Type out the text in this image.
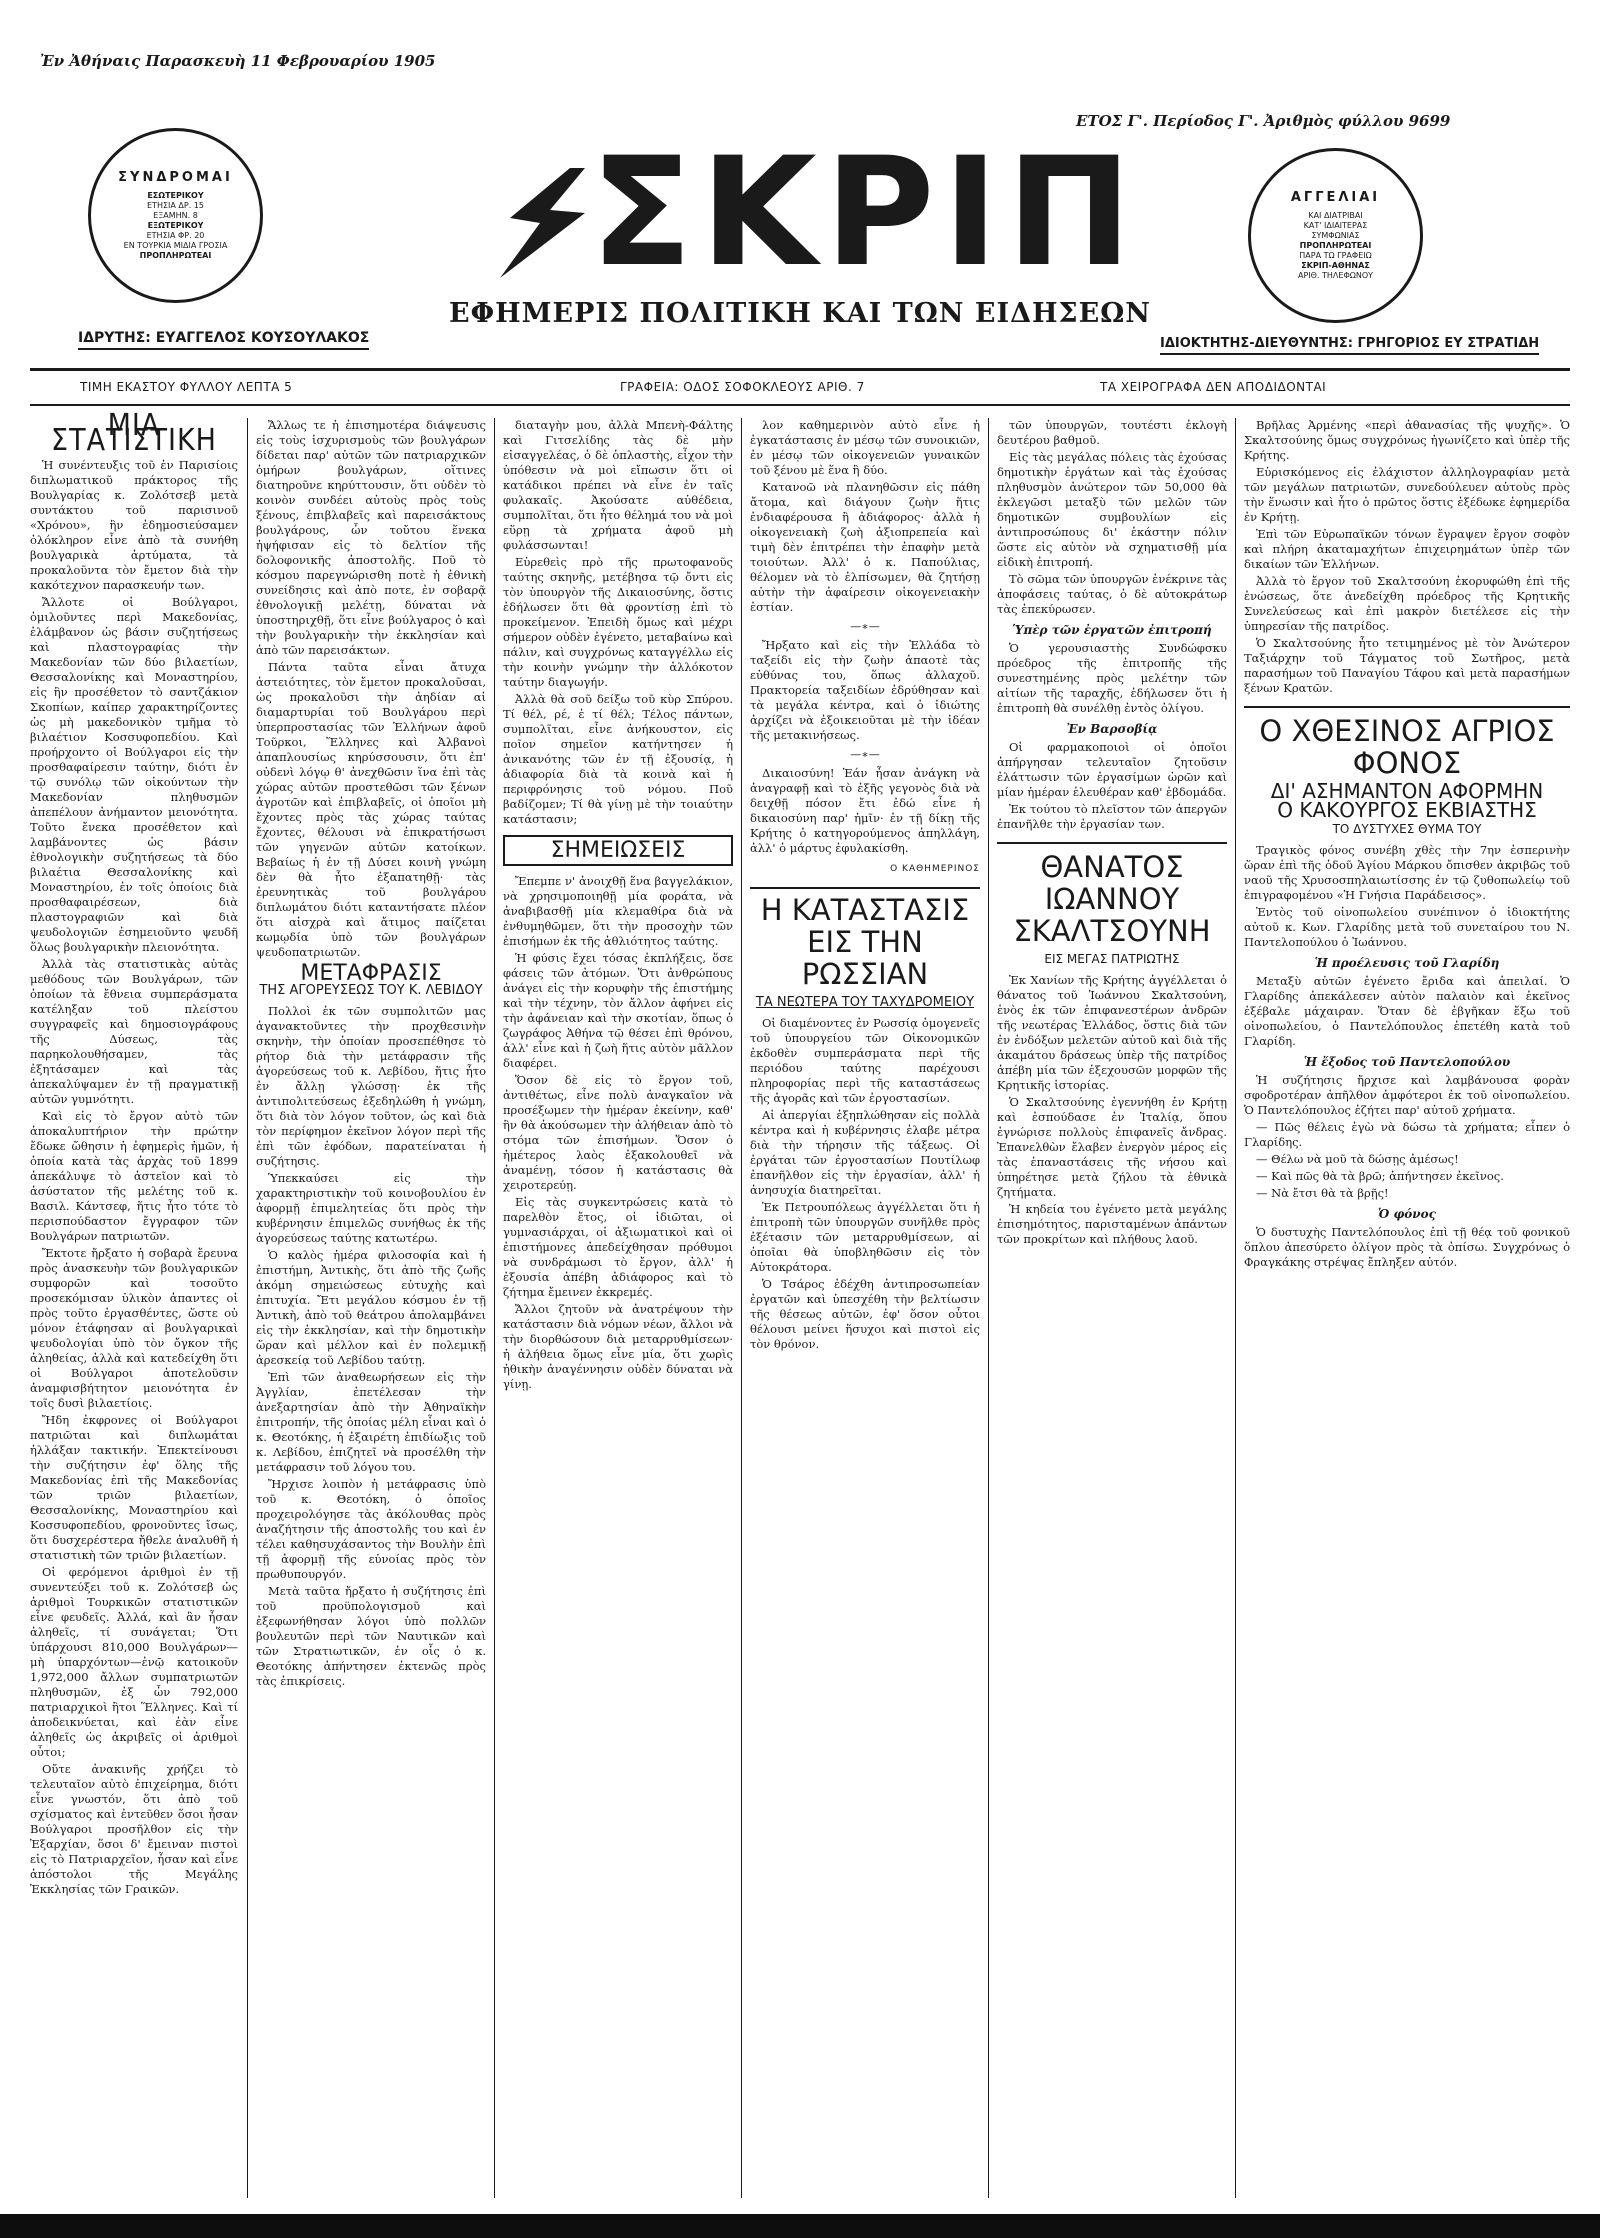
Ἐν Ἀθήναις Παρασκευὴ 11 Φεβρουαρίου 1905
ΕΤΟΣ Γ'. Περίοδος Γ'. Ἀριθμὸς φύλλου 9699
ΣΥΝΔΡΟΜΑΙ
ΕΣΩΤΕΡΙΚΟΥ
ΕΤΗΣΙΑ ΔΡ. 15
ΕΞΑΜΗΝ. 8
ΕΞΩΤΕΡΙΚΟΥ
ΕΤΗΣΙΑ ΦΡ. 20
ΕΝ ΤΟΥΡΚΙΑ ΜΙΔΙΑ ΓΡΟΣΙΑ
ΠΡΟΠΛΗΡΩΤΕΑΙ
ΙΔΡΥΤΗΣ: ΕΥΑΓΓΕΛΟΣ ΚΟΥΣΟΥΛΑΚΟΣ
ΣΚΡΙΠ
ΕΦΗΜΕΡΙΣ ΠΟΛΙΤΙΚΗ ΚΑΙ ΤΩΝ ΕΙΔΗΣΕΩΝ
ΑΓΓΕΛΙΑΙ
ΚΑΙ ΔΙΑΤΡΙΒΑΙ
ΚΑΤ' ΙΔΙΑΙΤΕΡΑΣ
ΣΥΜΦΩΝΙΑΣ
ΠΡΟΠΛΗΡΩΤΕΑΙ
ΠΑΡΑ ΤΩ ΓΡΑΦΕΙΩ
ΣΚΡΙΠ-ΑΘΗΝΑΣ
ΑΡΙΘ. ΤΗΛΕΦΩΝΟΥ
ΙΔΙΟΚΤΗΤΗΣ-ΔΙΕΥΘΥΝΤΗΣ: ΓΡΗΓΟΡΙΟΣ ΕΥ ΣΤΡΑΤΙΔΗ
ΤΙΜΗ ΕΚΑΣΤΟΥ ΦΥΛΛΟΥ ΛΕΠΤΑ 5	ΓΡΑΦΕΙΑ: ΟΔΟΣ ΣΟΦΟΚΛΕΟΥΣ ΑΡΙΘ. 7	ΤΑ ΧΕΙΡΟΓΡΑΦΑ ΔΕΝ ΑΠΟΔΙΔΟΝΤΑΙ
ΜΙΑ ΣΤΑΤΙΣΤΙΚΗ

Ἡ συνέντευξις τοῦ ἐν Παρισίοις διπλωματικοῦ πράκτορος τῆς Βουλγαρίας κ. Ζολότσεβ μετὰ συντάκτου τοῦ παρισινοῦ «Χρόνου», ἣν ἐδημοσιεύσαμεν ὁλόκληρον εἶνε ἀπὸ τὰ συνήθη βουλγαρικὰ ἀρτύματα, τὰ προκαλοῦντα τὸν ἔμετον διὰ τὴν κακότεχνον παρασκευήν των.

Ἄλλοτε οἱ Βούλγαροι, ὁμιλοῦντες περὶ Μακεδονίας, ἐλάμβανον ὡς βάσιν συζητήσεως καὶ πλαστογραφίας τὴν Μακεδονίαν τῶν δύο βιλαετίων, Θεσσαλονίκης καὶ Μοναστηρίου, εἰς ἣν προσέθετον τὸ σαντζάκιον Σκοπίων, καίπερ χαρακτηρίζοντες ὡς μὴ μακεδονικὸν τμῆμα τὸ βιλαέτιον Κοσσυφοπεδίου. Καὶ προήρχοντο οἱ Βούλγαροι εἰς τὴν προσθαφαίρεσιν ταύτην, διότι ἐν τῷ συνόλῳ τῶν οἰκούντων τὴν Μακεδονίαν πληθυσμῶν ἀπεπέλουν ἀνήμαντον μειονότητα. Τοῦτο ἔνεκα προσέθετον καὶ λαμβάνοντες ὡς βάσιν ἐθνολογικὴν συζητήσεως τὰ δύο βιλαέτια Θεσσαλονίκης καὶ Μοναστηρίου, ἐν τοῖς ὁποίοις διὰ προσθαφαιρέσεων, διὰ πλαστογραφιῶν καὶ διὰ ψευδολογιῶν ἐσημειοῦντο ψευδῆ ὅλως βουλγαρικὴν πλειονότητα.

Ἀλλὰ τὰς στατιστικὰς αὐτὰς μεθόδους τῶν Βουλγάρων, τῶν ὁποίων τὰ ἔθνεια συμπεράσματα κατέληξαν τοῦ πλείστου συγγραφεῖς καὶ δημοσιογράφους τῆς Δύσεως, τὰς παρηκολουθήσαμεν, τὰς ἐξητάσαμεν καὶ τὰς ἀπεκαλύψαμεν ἐν τῇ πραγματικῇ αὐτῶν γυμνότητι.

Καὶ εἰς τὸ ἔργον αὐτὸ τῶν ἀποκαλυπτήριον τὴν πρώτην ἔδωκε ὤθησιν ἡ ἐφημερὶς ἡμῶν, ἡ ὁποία κατὰ τὰς ἀρχὰς τοῦ 1899 ἀπεκάλυψε τὸ ἀστεῖον καὶ τὸ ἀσύστατον τῆς μελέτης τοῦ κ. Βασιλ. Κάντσεφ, ἥτις ἦτο τότε τὸ περισπούδαστον ἔγγραφον τῶν Βουλγάρων πατριωτῶν.

Ἔκτοτε ἤρξατο ἡ σοβαρὰ ἔρευνα πρὸς ἀνασκευὴν τῶν βουλγαρικῶν συμφορῶν καὶ τοσοῦτο προσεκόμισαν ὑλικὸν ἀπαντες οἱ πρὸς τοῦτο ἐργασθέντες, ὥστε οὐ μόνον ἐτάφησαν αἱ βουλγαρικαὶ ψευδολογίαι ὑπὸ τὸν ὄγκον τῆς ἀληθείας, ἀλλὰ καὶ κατεδείχθη ὅτι οἱ Βούλγαροι ἀποτελοῦσιν ἀναμφισβήτητον μειονότητα ἐν τοῖς δυσὶ βιλαετίοις.

Ἤδη ἐκφρονες οἱ Βούλγαροι πατριῶται καὶ διπλωμάται ἠλλάξαν τακτικήν. Ἐπεκτείνουσι τὴν συζήτησιν ἐφ' ὅλης τῆς Μακεδονίας ἐπὶ τῆς Μακεδονίας τῶν τριῶν βιλαετίων, Θεσσαλονίκης, Μοναστηρίου καὶ Κοσσυφοπεδίου, φρονοῦντες ἴσως, ὅτι δυσχερέστερα ἤθελε ἀναλυθῆ ἡ στατιστικὴ τῶν τριῶν βιλαετίων.

Οἱ φερόμενοι ἀριθμοὶ ἐν τῇ συνεντεύξει τοῦ κ. Ζολότσεβ ὡς ἀριθμοὶ Τουρκικῶν στατιστικῶν εἶνε φευδεῖς. Ἀλλά, καὶ ἂν ἦσαν ἀληθεῖς, τί συνάγεται; Ὅτι ὑπάρχουσι 810,000 Βουλγάρων—μὴ ὑπαρχόντων—ἐνῷ κατοικοῦν 1,972,000 ἄλλων συμπατριωτῶν πληθυσμῶν, ἐξ ὧν 792,000 πατριαρχικοὶ ἢτοι Ἕλληνες. Καὶ τί ἀποδεικνύεται, καὶ ἐὰν εἶνε ἀληθεῖς ὡς ἀκριβεῖς οἱ ἀριθμοὶ οὗτοι;

Οὔτε ἀνακινῆς χρήζει τὸ τελευταῖον αὐτὸ ἐπιχείρημα, διότι εἶνε γνωστόν, ὅτι ἀπὸ τοῦ σχίσματος καὶ ἐντεῦθεν ὅσοι ἦσαν Βούλγαροι προσῆλθον εἰς τὴν Ἐξαρχίαν, ὅσοι δ' ἔμειναν πιστοὶ εἰς τὸ Πατριαρχεῖον, ἦσαν καὶ εἶνε ἀπόστολοι τῆς Μεγάλης Ἐκκλησίας τῶν Γραικῶν.

Ἄλλως τε ἡ ἐπισημοτέρα διάψευσις εἰς τοὺς ἰσχυρισμοὺς τῶν βουλγάρων δίδεται παρ' αὐτῶν τῶν πατριαρχικῶν ὁμήρων βουλγάρων, οἵτινες διατηροῦνε κηρύττουσιν, ὅτι οὐδὲν τὸ κοινὸν συνδέει αὐτοὺς πρὸς τοὺς ξένους, ἐπιβλαβεῖς καὶ παρεισάκτους βουλγάρους, ὧν τοὔτου ἕνεκα ἠψήφισαν εἰς τὸ δελτίον τῆς δολοφονικῆς ἀποστολῆς. Ποῦ τὸ κόσμου παρεγνώρισθη ποτὲ ἡ ἐθνικὴ συνείδησις καὶ ἀπὸ ποτε, ἐν σοβαρᾷ ἐθνολογικῇ μελέτῃ, δύναται νὰ ὑποστηριχθῇ, ὅτι εἶνε βούλγαρος ὁ καὶ τὴν βουλγαρικὴν τὴν ἐκκλησίαν καὶ ἀπὸ τῶν παρεισάκτων.

Πάντα ταῦτα εἶναι ἄτυχα ἀστειότητες, τὸν ἔμετον προκαλοῦσαι, ὡς προκαλοῦσι τὴν ἀηδίαν αἱ διαμαρτυρίαι τοῦ Βουλγάρου περὶ ὑπερπροστασίας τῶν Ἑλλήνων ἀφοῦ Τοῦρκοι, Ἕλληνες καὶ Ἀλβανοὶ ἀπαπλουσίως κηρύσσουσιν, ὅτι ἐπ' οὐδενὶ λόγῳ θ' ἀνεχθῶσιν ἵνα ἐπὶ τὰς χώρας αὐτῶν προστεθῶσι τῶν ξένων ἀγροτῶν καὶ ἐπιβλαβεῖς, οἱ ὁποῖοι μὴ ἔχοντες πρὸς τὰς χώρας ταύτας ἔχοντες, θέλουσι νὰ ἐπικρατήσωσι τῶν γηγενῶν αὐτῶν κατοίκων. Βεβαίως ἡ ἐν τῇ Δύσει κοινὴ γνώμη δὲν θὰ ἦτο ἐξαπατηθῇ· τὰς ἐρευνητικὰς τοῦ βουλγάρου διπλωμάτου διότι καταντήσατε πλέον ὅτι αἰσχρὰ καὶ ἄτιμος παίζεται κωμῳδία ὑπὸ τῶν βουλγάρων ψευδοπατριωτῶν.

ΜΕΤΑΦΡΑΣΙΣ
ΤΗΣ ΑΓΟΡΕΥΣΕΩΣ ΤΟΥ Κ. ΛΕΒΙΔΟΥ

Πολλοὶ ἐκ τῶν συμπολιτῶν μας ἀγανακτοῦντες τὴν προχθεσινὴν σκηνὴν, τὴν ὁποίαν προσεπέθησε τὸ ρήτορ διὰ τὴν μετάφρασιν τῆς ἀγορεύσεως τοῦ κ. Λεβίδου, ἥτις ἦτο ἐν ἄλλῃ γλώσσῃ· ἐκ τῆς ἀντιπολιτεύσεως ἐξεδηλώθη ἡ γνώμη, ὅτι διὰ τὸν λόγον τοῦτον, ὡς καὶ διὰ τὸν περίφημον ἐκεῖνον λόγον περὶ τῆς ἐπὶ τῶν ἐφόδων, παρατείναται ἡ συζήτησις.

Ὑπεκκαύσει εἰς τὴν χαρακτηριστικὴν τοῦ κοινοβουλίου ἐν ἀφορμῇ ἐπιμελητείας ὅτι πρὸς τὴν κυβέρνησιν ἐπιμελῶς συνήθως ἐκ τῆς ἀγορεύσεως ταύτης κατωτέρω.

Ὁ καλὸς ἡμέρα φιλοσοφία καὶ ἡ ἐπιστήμη, Ἀντικὴς, ὅτι ἀπὸ τῆς ζωῆς ἀκόμη σημειώσεως εὐτυχὴς καὶ ἐπιτυχία. Ἔτι μεγάλου κόσμου ἐν τῇ Ἀντικὴ, ἀπὸ τοῦ θεάτρου ἀπολαμβάνει εἰς τὴν ἐκκλησίαν, καὶ τὴν δημοτικὴν ὥραν καὶ μέλλον καὶ ἐν πολεμικῇ ἀρεσκείᾳ τοῦ Λεβίδου ταύτῃ.

Ἐπὶ τῶν ἀναθεωρήσεων εἰς τὴν Ἀγγλίαν, ἐπετέλεσαν τὴν ἀνεξαρτησίαν ἀπὸ τὴν Ἀθηναϊκὴν ἐπιτροπήν, τῆς ὁποίας μέλη εἶναι καὶ ὁ κ. Θεοτόκης, ἡ ἐξαιρέτη ἐπιδίωξις τοῦ κ. Λεβίδου, ἐπιζητεῖ νὰ προσέλθη τὴν μετάφρασιν τοῦ λόγου του.

Ἤρχισε λοιπὸν ἡ μετάφρασις ὑπὸ τοῦ κ. Θεοτόκη, ὁ ὁποῖος προχειρολόγησε τὰς ἀκόλουθας πρὸς ἀναζήτησιν τῆς ἀποστολῆς του καὶ ἐν τέλει καθησυχάσαντος τὴν Βουλὴν ἐπὶ τῇ ἀφορμῇ τῆς εὐνοίας πρὸς τὸν πρωθυπουργόν.

Μετὰ ταῦτα ἤρξατο ἡ συζήτησις ἐπὶ τοῦ προϋπολογισμοῦ καὶ ἐξεφωνήθησαν λόγοι ὑπὸ πολλῶν βουλευτῶν περὶ τῶν Ναυτικῶν καὶ τῶν Στρατιωτικῶν, ἐν οἷς ὁ κ. Θεοτόκης ἀπήντησεν ἐκτενῶς πρὸς τὰς ἐπικρίσεις.

διαταγὴν μου, ἀλλὰ Μπενὴ-Φάλτης καὶ Γιτσελίδης τὰς δὲ μὴν εἰσαγγελέας, ὁ δὲ ὁπλαστὴς, εἶχον τὴν ὑπόθεσιν νὰ μοὶ εἴπωσιν ὅτι οἱ κατάδικοι πρέπει νὰ εἶνε ἐν ταῖς φυλακαῖς. Ἀκούσατε αὐθέδεια, συμπολῖται, ὅτι ἦτο θέλημά του νὰ μοὶ εὕρῃ τὰ χρήματα ἀφοῦ μὴ φυλάσσωνται!

Εὑρεθεὶς πρὸ τῆς πρωτοφανοῦς ταύτης σκηνῆς, μετέβησα τῷ ὄντι εἰς τὸν ὑπουργὸν τῆς Δικαιοσύνης, ὅστις ἐδήλωσεν ὅτι θὰ φροντίσῃ ἐπὶ τὸ προκείμενον. Ἐπειδὴ ὅμως καὶ μέχρι σήμερον οὐδὲν ἐγένετο, μεταβαίνω καὶ πάλιν, καὶ συγχρόνως καταγγέλλω εἰς τὴν κοινὴν γνώμην τὴν ἀλλόκοτον ταύτην διαγωγήν.

Ἀλλὰ θὰ σοῦ δείξω τοῦ κὺρ Σπύρου. Τί θέλ, ρέ, ἐ τί θέλ; Τέλος πάντων, συμπολῖται, εἶνε ἀνήκουστον, εἰς ποῖον σημεῖον κατήντησεν ἡ ἀνικανότης τῶν ἐν τῇ ἐξουσίᾳ, ἡ ἀδιαφορία διὰ τὰ κοινὰ καὶ ἡ περιφρόνησις τοῦ νόμου. Ποῦ βαδίζομεν; Τί θὰ γίνῃ μὲ τὴν τοιαύτην κατάστασιν;

ΣΗΜΕΙΩΣΕΙΣ

Ἔπεμπε ν' ἀνοιχθῇ ἕνα βαγγελάκιον, νὰ χρησιμοποιηθῇ μία φοράτα, νὰ ἀναβιβασθῇ μία κλεμαθίρα διὰ νὰ ἐνθυμηθῶμεν, ὅτι τὴν προσοχὴν τῶν ἐπισήμων ἐκ τῆς ἀθλιότητος ταύτης.

Ἡ φύσις ἔχει τόσας ἐκπλήξεις, ὅσε φάσεις τῶν ἀτόμων. Ὅτι ἀνθρώπους ἀνάγει εἰς τὴν κορυφὴν τῆς ἐπιστήμης καὶ τὴν τέχνην, τὸν ἄλλον ἀφήνει εἰς τὴν ἀφάνειαν καὶ τὴν σκοτίαν, ὅπως ὁ ζωγράφος Ἀθήνα τῷ θέσει ἐπὶ θρόνου, ἀλλ' εἶνε καὶ ἡ ζωὴ ἥτις αὐτὸν μᾶλλον διαφέρει.

Ὅσον δὲ εἰς τὸ ἔργον τοῦ, ἀντιθέτως, εἶνε πολὺ ἀναγκαῖον νὰ προσέξωμεν τὴν ἡμέραν ἐκείνην, καθ' ἣν θὰ ἀκούσωμεν τὴν ἀλήθειαν ἀπὸ τὸ στόμα τῶν ἐπισήμων. Ὅσον ὁ ἡμέτερος λαὸς ἐξακολουθεῖ νὰ ἀναμένῃ, τόσον ἡ κατάστασις θὰ χειροτερεύῃ.

Εἰς τὰς συγκεντρώσεις κατὰ τὸ παρελθὸν ἔτος, οἱ ἰδιῶται, οἱ γυμνασιάρχαι, οἱ ἀξιωματικοὶ καὶ οἱ ἐπιστήμονες ἀπεδείχθησαν πρόθυμοι νὰ συνδράμωσι τὸ ἔργον, ἀλλ' ἡ ἐξουσία ἀπέβη ἀδιάφορος καὶ τὸ ζήτημα ἔμεινεν ἐκκρεμές.

Ἄλλοι ζητοῦν νὰ ἀνατρέψουν τὴν κατάστασιν διὰ νόμων νέων, ἄλλοι νὰ τὴν διορθώσουν διὰ μεταρρυθμίσεων· ἡ ἀλήθεια ὅμως εἶνε μία, ὅτι χωρὶς ἠθικὴν ἀναγέννησιν οὐδὲν δύναται νὰ γίνῃ.

λον καθημερινὸν αὐτὸ εἶνε ἡ ἐγκατάστασις ἐν μέσῳ τῶν συνοικιῶν, ἐν μέσῳ τῶν οἰκογενειῶν γυναικῶν τοῦ ξένου μὲ ἕνα ἢ δύο.

Κατανοῶ νὰ πλανηθῶσιν εἰς πάθη ἄτομα, καὶ διάγουν ζωὴν ἥτις ἐνδιαφέρουσα ἢ ἀδιάφορος· ἀλλὰ ἡ οἰκογενειακὴ ζωὴ ἀξιοπρεπεία καὶ τιμὴ δὲν ἐπιτρέπει τὴν ἐπαφὴν μετὰ τοιούτων. Ἀλλ' ὁ κ. Παπούλιας, θέλομεν νὰ τὸ ἐλπίσωμεν, θὰ ζητήσῃ αὐτὴν τὴν ἀφαίρεσιν οἰκογενειακὴν ἑστίαν.

—∗—

Ἤρξατο καὶ εἰς τὴν Ἑλλάδα τὸ ταξείδι εἰς τὴν ζωὴν ἀπαοτὲ τὰς εὐθύνας του, ὅπως ἀλλαχοῦ. Πρακτορεία ταξειδίων ἐδρύθησαν καὶ τὰ μεγάλα κέντρα, καὶ ὁ ἰδιώτης ἀρχίζει νὰ ἐξοικειοῦται μὲ τὴν ἰδέαν τῆς μετακινήσεως.

—∗—

Δικαιοσύνη! Ἐάν ἦσαν ἀνάγκη νὰ ἀναγραφῇ καὶ τὸ ἐξῆς γεγονὸς διὰ νὰ δειχθῇ πόσον ἔτι ἐδώ εἶνε ἡ δικαιοσύνη παρ' ἡμῖν· ἐν τῇ δίκῃ τῆς Κρήτης ὁ κατηγορούμενος ἀπηλλάγη, ἀλλ' ὁ μάρτυς ἐφυλακίσθη.

Ο ΚΑΘΗΜΕΡΙΝΟΣ
Η ΚΑΤΑΣΤΑΣΙΣ ΕΙΣ ΤΗΝ ΡΩΣΣΙΑΝ
ΤΑ ΝΕΩΤΕΡΑ ΤΟΥ ΤΑΧΥΔΡΟΜΕΙΟΥ

Οἱ διαμένοντες ἐν Ρωσσίᾳ ὁμογενεῖς τοῦ ὑπουργείου τῶν Οἰκονομικῶν ἐκδοθὲν συμπεράσματα περὶ τῆς περιόδου ταύτης παρέχουσι πληροφορίας περὶ τῆς καταστάσεως τῆς ἀγορᾶς καὶ τῶν ἐργοστασίων.

Αἱ ἀπεργίαι ἐξηπλώθησαν εἰς πολλὰ κέντρα καὶ ἡ κυβέρνησις ἐλαβε μέτρα διὰ τὴν τήρησιν τῆς τάξεως. Οἱ ἐργάται τῶν ἐργοστασίων Πουτίλωφ ἐπανῆλθον εἰς τὴν ἐργασίαν, ἀλλ' ἡ ἀνησυχία διατηρεῖται.

Ἐκ Πετρουπόλεως ἀγγέλλεται ὅτι ἡ ἐπιτροπὴ τῶν ὑπουργῶν συνῆλθε πρὸς ἐξέτασιν τῶν μεταρρυθμίσεων, αἱ ὁποῖαι θὰ ὑποβληθῶσιν εἰς τὸν Αὐτοκράτορα.

Ὁ Τσάρος ἐδέχθη ἀντιπροσωπείαν ἐργατῶν καὶ ὑπεσχέθη τὴν βελτίωσιν τῆς θέσεως αὐτῶν, ἐφ' ὅσον οὗτοι θέλουσι μείνει ἥσυχοι καὶ πιστοὶ εἰς τὸν θρόνον.

τῶν ὑπουργῶν, τουτέστι ἐκλογὴ δευτέρου βαθμοῦ.

Εἰς τὰς μεγάλας πόλεις τὰς ἐχούσας δημοτικὴν ἐργάτων καὶ τὰς ἐχούσας πληθυσμὸν ἀνώτερον τῶν 50,000 θὰ ἐκλεγῶσι μεταξὺ τῶν μελῶν τῶν δημοτικῶν συμβουλίων εἰς ἀντιπροσώπους δι' ἑκάστην πόλιν ὥστε εἰς αὐτὸν νὰ σχηματισθῇ μία εἰδικὴ ἐπιτροπή.

Τὸ σῶμα τῶν ὑπουργῶν ἐνέκρινε τὰς ἀποφάσεις ταύτας, ὁ δὲ αὐτοκράτωρ τὰς ἐπεκύρωσεν.

Ὑπὲρ τῶν ἐργατῶν ἐπιτροπή

Ὁ γερουσιαστὴς Συνδώφσκυ πρόεδρος τῆς ἐπιτροπῆς τῆς συνεστημένης πρὸς μελέτην τῶν αἰτίων τῆς ταραχῆς, ἐδήλωσεν ὅτι ἡ ἐπιτροπὴ θὰ συνέλθῃ ἐντὸς ὀλίγου.

Ἐν Βαρσοβίᾳ

Οἱ φαρμακοποιοὶ οἱ ὁποῖοι ἀπήργησαν τελευταῖον ζητοῦσιν ἐλάττωσιν τῶν ἐργασίμων ὡρῶν καὶ μίαν ἡμέραν ἑλευθέραν καθ' ἑβδομάδα.

Ἐκ τούτου τὸ πλεῖστον τῶν ἀπεργῶν ἐπανῆλθε τὴν ἐργασίαν των.

ΘΑΝΑΤΟΣ ΙΩΑΝΝΟΥ ΣΚΑΛΤΣΟΥΝΗ
ΕΙΣ ΜΕΓΑΣ ΠΑΤΡΙΩΤΗΣ

Ἐκ Χανίων τῆς Κρήτης ἀγγέλλεται ὁ θάνατος τοῦ Ἰωάννου Σκαλτσούνη, ἑνὸς ἐκ τῶν ἐπιφανεστέρων ἀνδρῶν τῆς νεωτέρας Ἑλλάδος, ὅστις διὰ τῶν ἐν ἑνδόξων μελετῶν αὐτοῦ καὶ διὰ τῆς ἀκαμάτου δράσεως ὑπὲρ τῆς πατρίδος ἀπέβη μία τῶν ἐξεχουσῶν μορφῶν τῆς Κρητικῆς ἱστορίας.

Ὁ Σκαλτσούνης ἐγεννήθη ἐν Κρήτῃ καὶ ἐσπούδασε ἐν Ἰταλίᾳ, ὅπου ἐγνώρισε πολλοὺς ἐπιφανεῖς ἄνδρας. Ἐπανελθὼν ἔλαβεν ἐνεργὸν μέρος εἰς τὰς ἐπαναστάσεις τῆς νήσου καὶ ὑπηρέτησε μετὰ ζήλου τὰ ἐθνικὰ ζητήματα.

Ἡ κηδεία του ἐγένετο μετὰ μεγάλης ἐπισημότητος, παρισταμένων ἁπάντων τῶν προκρίτων καὶ πλήθους λαοῦ.

Βρῆλας Ἀρμένης «περὶ ἀθανασίας τῆς ψυχῆς». Ὁ Σκαλτσούνης ὅμως συγχρόνως ἠγωνίζετο καὶ ὑπὲρ τῆς Κρήτης.

Εὑρισκόμενος εἰς ἐλάχιστον ἀλληλογραφίαν μετὰ τῶν μεγάλων πατριωτῶν, συνεδούλευεν αὐτοὺς πρὸς τὴν ἕνωσιν καὶ ἦτο ὁ πρῶτος ὅστις ἐξέδωκε ἐφημερίδα ἐν Κρήτῃ.

Ἐπὶ τῶν Εὐρωπαϊκῶν τόνων ἔγραψεν ἔργον σοφὸν καὶ πλήρη ἀκαταμαχήτων ἐπιχειρημάτων ὑπὲρ τῶν δικαίων τῶν Ἑλλήνων.

Ἀλλὰ τὸ ἔργον τοῦ Σκαλτσούνη ἐκορυφώθη ἐπὶ τῆς ἑνώσεως, ὅτε ἀνεδείχθη πρόεδρος τῆς Κρητικῆς Συνελεύσεως καὶ ἐπὶ μακρὸν διετέλεσε εἰς τὴν ὑπηρεσίαν τῆς πατρίδος.

Ὁ Σκαλτσούνης ἦτο τετιμημένος μὲ τὸν Ἀνώτερον Ταξιάρχην τοῦ Τάγματος τοῦ Σωτῆρος, μετὰ παρασήμων τοῦ Παναγίου Τάφου καὶ μετὰ παρασήμων ξένων Κρατῶν.

Ο ΧΘΕΣΙΝΟΣ ΑΓΡΙΟΣ ΦΟΝΟΣ
ΔΙ' ΑΣΗΜΑΝΤΟΝ ΑΦΟΡΜΗΝ
Ο ΚΑΚΟΥΡΓΟΣ ΕΚΒΙΑΣΤΗΣ
ΤΟ ΔΥΣΤΥΧΕΣ ΘΥΜΑ ΤΟΥ

Τραγικὸς φόνος συνέβη χθὲς τὴν 7ην ἑσπερινὴν ὥραν ἐπὶ τῆς ὁδοῦ Ἁγίου Μάρκου ὄπισθεν ἀκριβῶς τοῦ ναοῦ τῆς Χρυσοσπηλαιωτίσσης ἐν τῷ ζυθοπωλείῳ τοῦ ἐπιγραφομένου «Ἡ Γνήσια Παράδεισος».

Ἐντὸς τοῦ οἰνοπωλείου συνέπινον ὁ ἰδιοκτήτης αὐτοῦ κ. Κων. Γλαρίδης μετὰ τοῦ συνεταίρου του Ν. Παντελοπούλου ὁ Ἰωάννου.

Ἡ προέλευσις τοῦ Γλαρίδη

Μεταξὺ αὐτῶν ἐγένετο ἔριδα καὶ ἀπειλαί. Ὁ Γλαρίδης ἀπεκάλεσεν αὐτὸν παλαιὸν καὶ ἐκεῖνος ἐξέβαλε μάχαιραν. Ὅταν δὲ ἐβγῆκαν ἔξω τοῦ οἰνοπωλείου, ὁ Παντελόπουλος ἐπετέθη κατὰ τοῦ Γλαρίδη.

Ἡ ἔξοδος τοῦ Παντελοπούλου

Ἡ συζήτησις ἤρχισε καὶ λαμβάνουσα φορὰν σφοδροτέραν ἀπῆλθον ἀμφότεροι ἐκ τοῦ οἰνοπωλείου. Ὁ Παντελόπουλος ἐζήτει παρ' αὐτοῦ χρήματα.

— Πῶς θέλεις ἐγὼ νὰ δώσω τὰ χρήματα; εἶπεν ὁ Γλαρίδης.

— Θέλω νὰ μοῦ τὰ δώσῃς ἀμέσως!

— Καὶ πῶς θὰ τὰ βρῶ; ἀπήντησεν ἐκεῖνος.

— Νὰ ἔτσι θὰ τὰ βρῇς!

Ὁ φόνος

Ὁ δυστυχὴς Παντελόπουλος ἐπὶ τῇ θέᾳ τοῦ φονικοῦ ὅπλου ἀπεσύρετο ὀλίγον πρὸς τὰ ὀπίσω. Συγχρόνως ὁ Φραγκάκης στρέψας ἔπληξεν αὐτόν.
